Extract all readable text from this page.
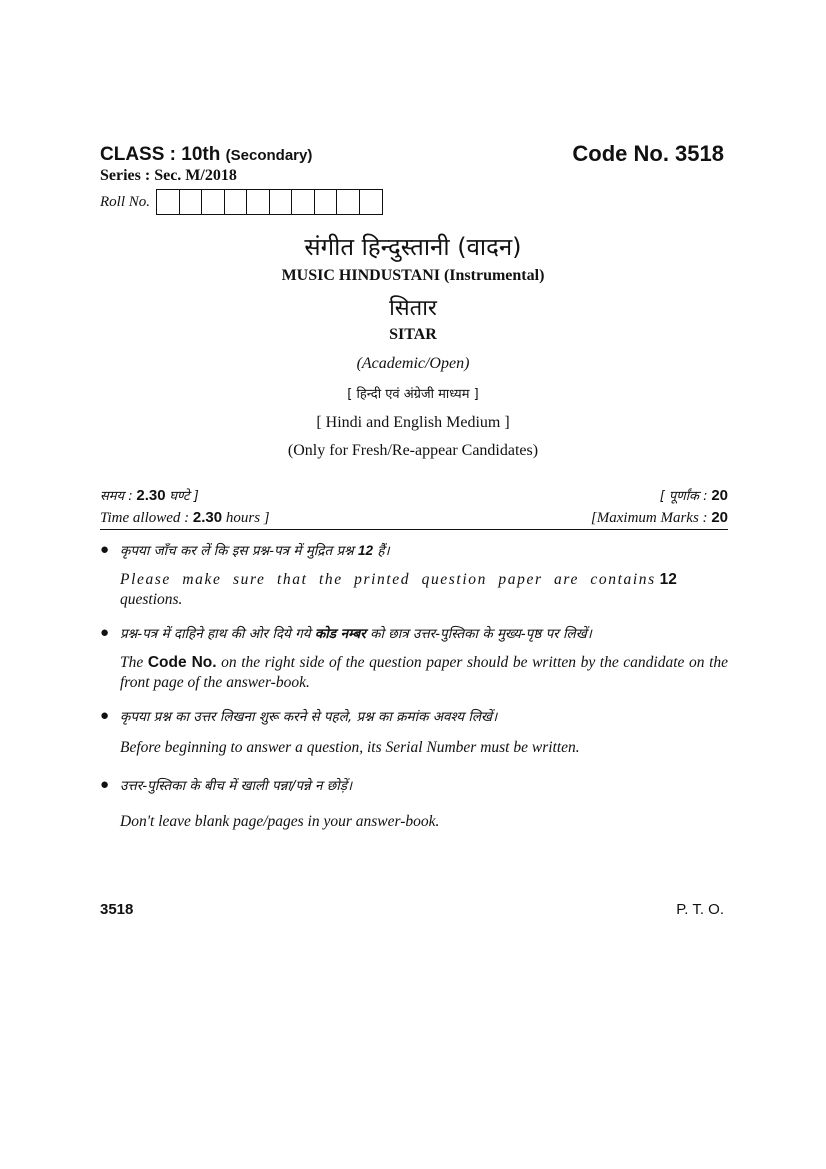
CLASS : 10th (Secondary)	Code No. 3518
Series : Sec. M/2018
Roll No.
संगीत हिन्दुस्तानी (वादन)
MUSIC HINDUSTANI (Instrumental)
सितार
SITAR
(Academic/Open)
[ हिन्दी एवं अंग्रेजी माध्यम ]
[ Hindi and English Medium ]
(Only for Fresh/Re-appear Candidates)
समय : 2.30 घण्टे ]	[ पूर्णांक : 20
Time allowed : 2.30 hours ]	[Maximum Marks : 20
● कृपया जाँच कर लें कि इस प्रश्न-पत्र में मुद्रित प्रश्न 12 हैं।
Please make sure that the printed question paper are contains 12
questions.
● प्रश्न-पत्र में दाहिने हाथ की ओर दिये गये कोड नम्बर को छात्र उत्तर-पुस्तिका के मुख्य-पृष्ठ पर लिखें।
The Code No. on the right side of the question paper should be written by the candidate on the front page of the answer-book.
● कृपया प्रश्न का उत्तर लिखना शुरू करने से पहले, प्रश्न का क्रमांक अवश्य लिखें।
Before beginning to answer a question, its Serial Number must be written.
● उत्तर-पुस्तिका के बीच में खाली पन्ना/पन्ने न छोड़ें।
Don't leave blank page/pages in your answer-book.
3518	P. T. O.
